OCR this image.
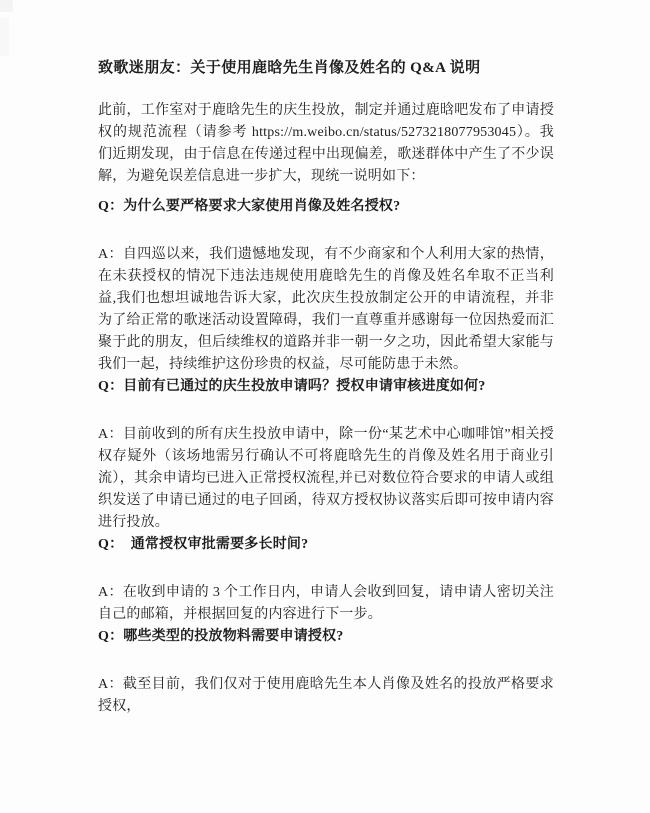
致歌迷朋友：关于使用鹿晗先生肖像及姓名的 Q&A 说明

此前，工作室对于鹿晗先生的庆生投放，制定并通过鹿晗吧发布了申请授权的规范流程（请参考 https://m.weibo.cn/status/5273218077953045）。我们近期发现，由于信息在传递过程中出现偏差，歌迷群体中产生了不少误解，为避免误差信息进一步扩大，现统一说明如下：

Q：为什么要严格要求大家使用肖像及姓名授权?

A：自四巡以来，我们遗憾地发现，有不少商家和个人利用大家的热情，在未获授权的情况下违法违规使用鹿晗先生的肖像及姓名牟取不正当利益,我们也想坦诚地告诉大家，此次庆生投放制定公开的申请流程，并非为了给正常的歌迷活动设置障碍，我们一直尊重并感谢每一位因热爱而汇聚于此的朋友，但后续维权的道路并非一朝一夕之功，因此希望大家能与我们一起，持续维护这份珍贵的权益，尽可能防患于未然。

Q：目前有已通过的庆生投放申请吗？授权申请审核进度如何?

A：目前收到的所有庆生投放申请中，除一份“某艺术中心咖啡馆”相关授权存疑外（该场地需另行确认不可将鹿晗先生的肖像及姓名用于商业引流），其余申请均已进入正常授权流程,并已对数位符合要求的申请人或组织发送了申请已通过的电子回函，待双方授权协议落实后即可按申请内容进行投放。

Q：  通常授权审批需要多长时间?

A：在收到申请的 3 个工作日内，申请人会收到回复，请申请人密切关注自己的邮箱，并根据回复的内容进行下一步。

Q：哪些类型的投放物料需要申请授权?

A：截至目前，我们仅对于使用鹿晗先生本人肖像及姓名的投放严格要求授权，
